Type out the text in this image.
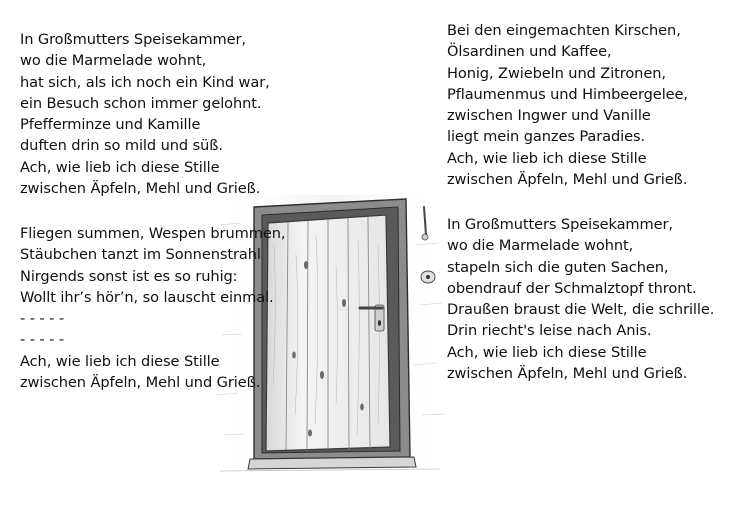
In Großmutters Speisekammer,
wo die Marmelade wohnt,
hat sich, als ich noch ein Kind war,
ein Besuch schon immer gelohnt.
Pfefferminze und Kamille
duften drin so mild und süß.
Ach, wie lieb ich diese Stille
zwischen Äpfeln, Mehl und Grieß.
Fliegen summen, Wespen brummen,
Stäubchen tanzt im Sonnenstrahl
Nirgends sonst ist es so ruhig:
Wollt ihr’s hör’n, so lauscht einmal.
- - - - -
- - - - -
Ach, wie lieb ich diese Stille
zwischen Äpfeln, Mehl und Grieß.
Bei den eingemachten Kirschen,
Ölsardinen und Kaffee,
Honig, Zwiebeln und Zitronen,
Pflaumenmus und Himbeergelee,
zwischen Ingwer und Vanille
liegt mein ganzes Paradies.
Ach, wie lieb ich diese Stille
zwischen Äpfeln, Mehl und Grieß.
In Großmutters Speisekammer,
wo die Marmelade wohnt,
stapeln sich die guten Sachen,
obendrauf der Schmalztopf thront.
Draußen braust die Welt, die schrille.
Drin riecht's leise nach Anis.
Ach, wie lieb ich diese Stille
zwischen Äpfeln, Mehl und Grieß.
